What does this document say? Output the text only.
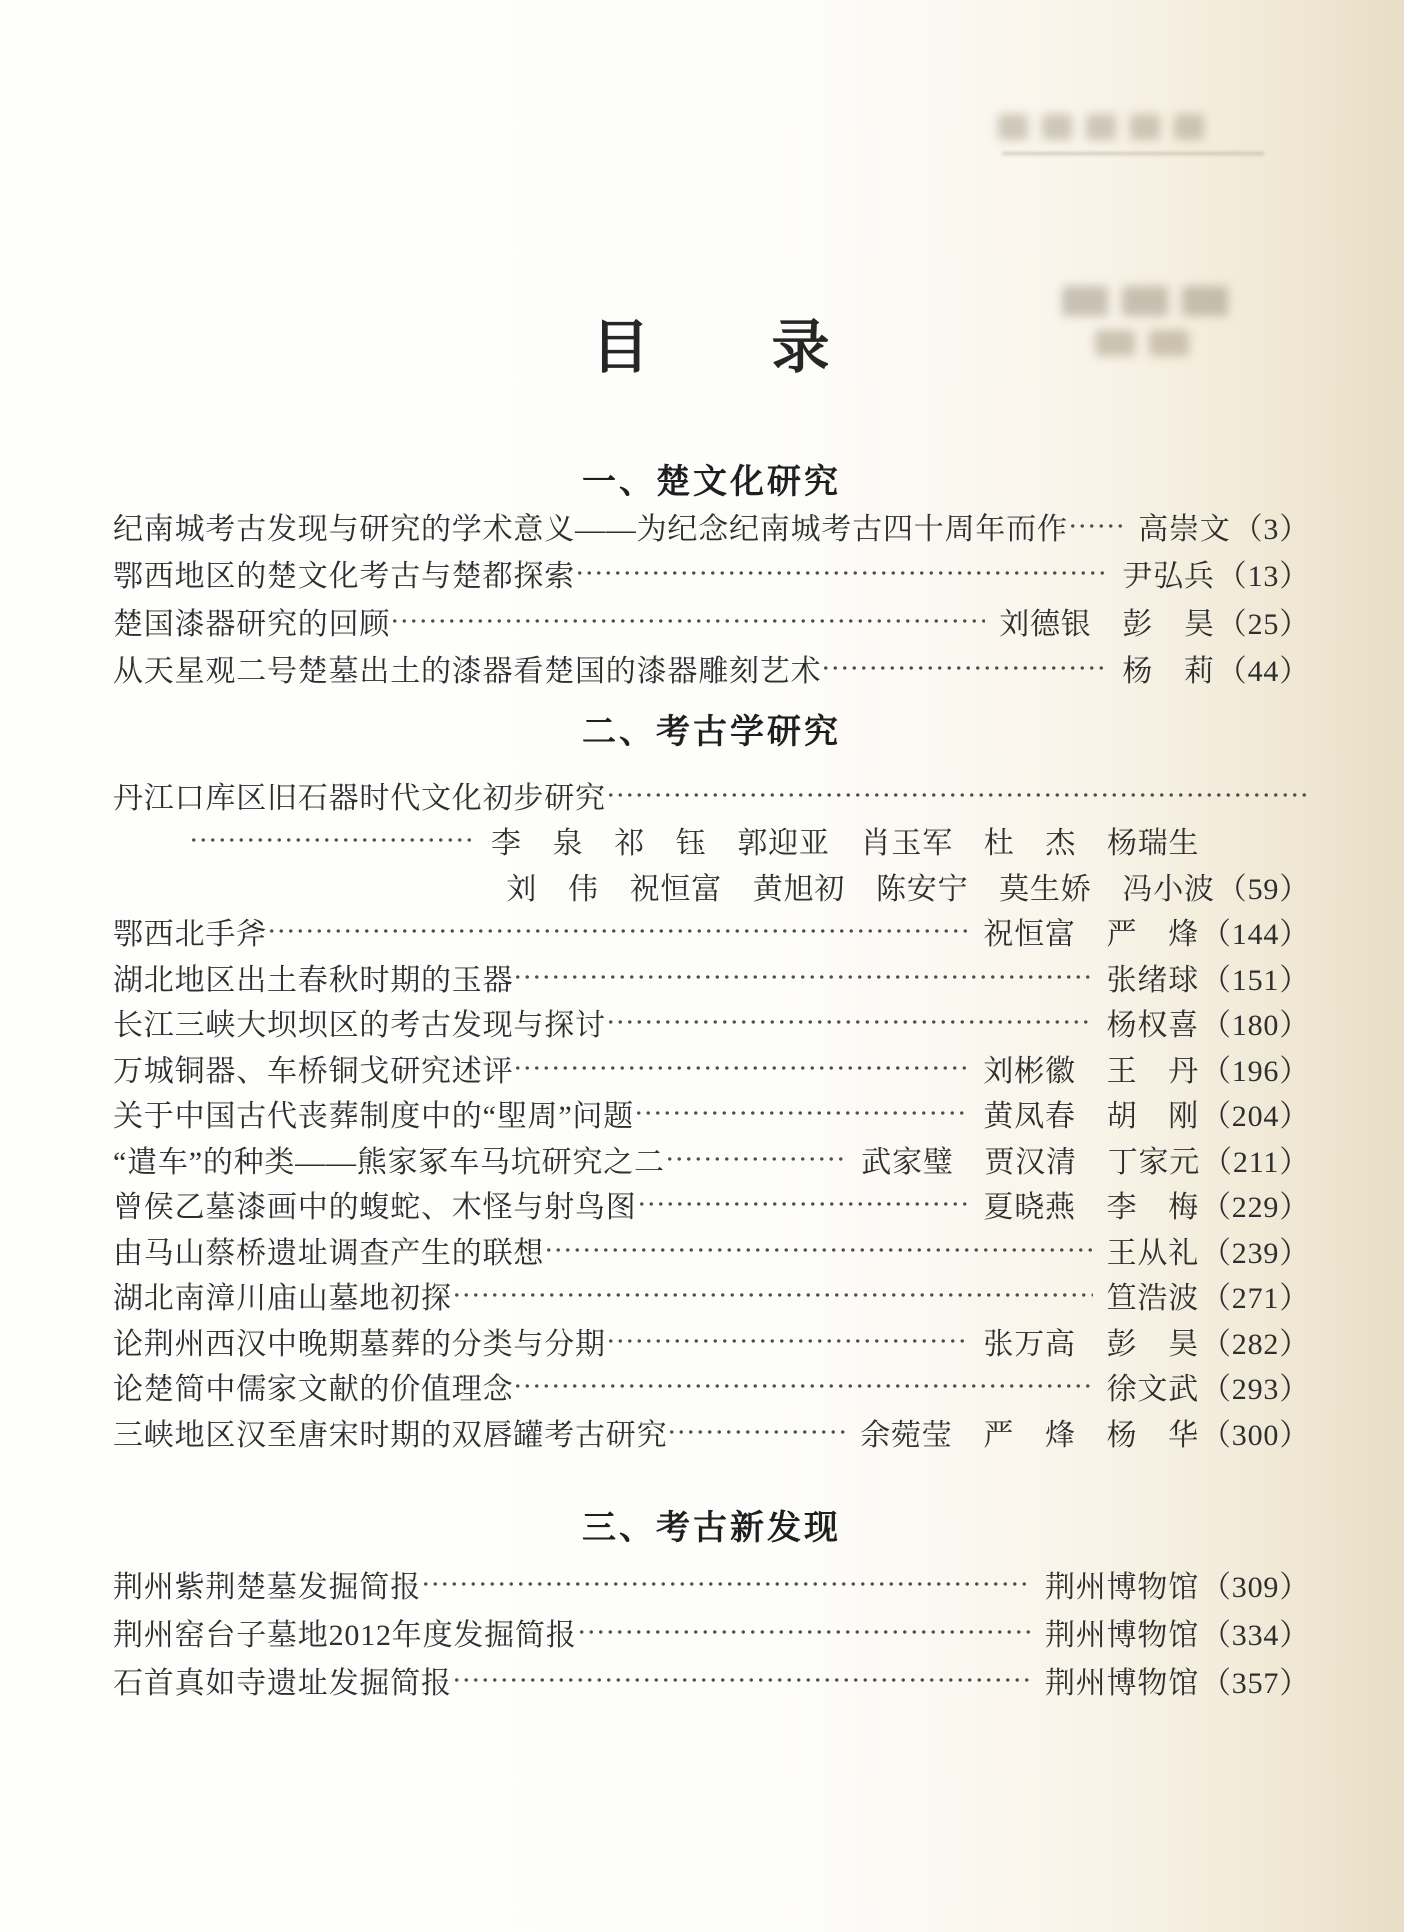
目　　录
一、楚文化研究
纪南城考古发现与研究的学术意义——为纪念纪南城考古四十周年而作 高崇文 （3）
鄂西地区的楚文化考古与楚都探索	尹弘兵 （13）
楚国漆器研究的回顾	刘德银　彭　昊 （25）
从天星观二号楚墓出土的漆器看楚国的漆器雕刻艺术	杨　莉 （44）
二、考古学研究
丹江口库区旧石器时代文化初步研究
李　泉　祁　钰　郭迎亚　肖玉军　杜　杰　杨瑞生
刘　伟　祝恒富　黄旭初　陈安宁　莫生娇　冯小波 （59）
鄂西北手斧	祝恒富　严　烽 （144）
湖北地区出土春秋时期的玉器	张绪球 （151）
长江三峡大坝坝区的考古发现与探讨	杨权喜 （180）
万城铜器、车桥铜戈研究述评	刘彬徽　王　丹 （196）
关于中国古代丧葬制度中的“堲周”问题	黄凤春　胡　刚 （204）
“遣车”的种类——熊家冢车马坑研究之二	武家璧　贾汉清　丁家元 （211）
曾侯乙墓漆画中的蝮蛇、木怪与射鸟图	夏晓燕　李　梅 （229）
由马山蔡桥遗址调查产生的联想	王从礼 （239）
湖北南漳川庙山墓地初探	笪浩波 （271）
论荆州西汉中晚期墓葬的分类与分期	张万高　彭　昊 （282）
论楚简中儒家文献的价值理念	徐文武 （293）
三峡地区汉至唐宋时期的双唇罐考古研究	余菀莹　严　烽　杨　华 （300）
三、考古新发现
荆州紫荆楚墓发掘简报	荆州博物馆 （309）
荆州窑台子墓地2012年度发掘简报	荆州博物馆 （334）
石首真如寺遗址发掘简报	荆州博物馆 （357）
